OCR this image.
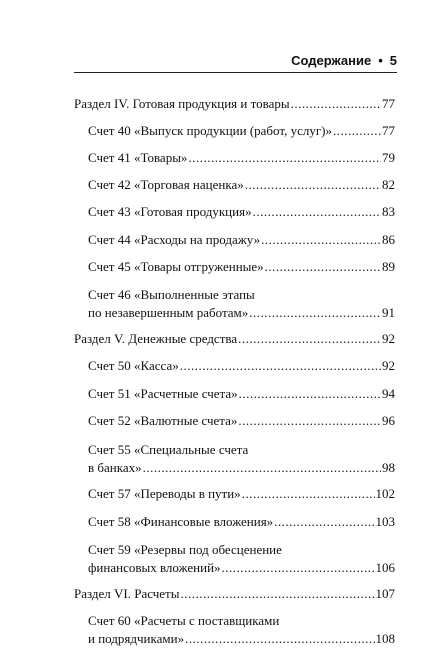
Содержание • 5
Раздел IV. Готовая продукция и товары .....	77
Счет 40 «Выпуск продукции (работ, услуг)» .....	77
Счет 41 «Товары» .....	79
Счет 42 «Торговая наценка» .....	82
Счет 43 «Готовая продукция» .....	83
Счет 44 «Расходы на продажу» .....	86
Счет 45 «Товары отгруженные» .....	89
Счет 46 «Выполненные этапы
по незавершенным работам» .....	91
Раздел V. Денежные средства .....	92
Счет 50 «Касса» .....	92
Счет 51 «Расчетные счета» .....	94
Счет 52 «Валютные счета» .....	96
Счет 55 «Специальные счета
в банках» .....	98
Счет 57 «Переводы в пути» .....	102
Счет 58 «Финансовые вложения» .....	103
Счет 59 «Резервы под обесценение
финансовых вложений» .....	106
Раздел VI. Расчеты .....	107
Счет 60 «Расчеты с поставщиками
и подрядчиками» .....	108
